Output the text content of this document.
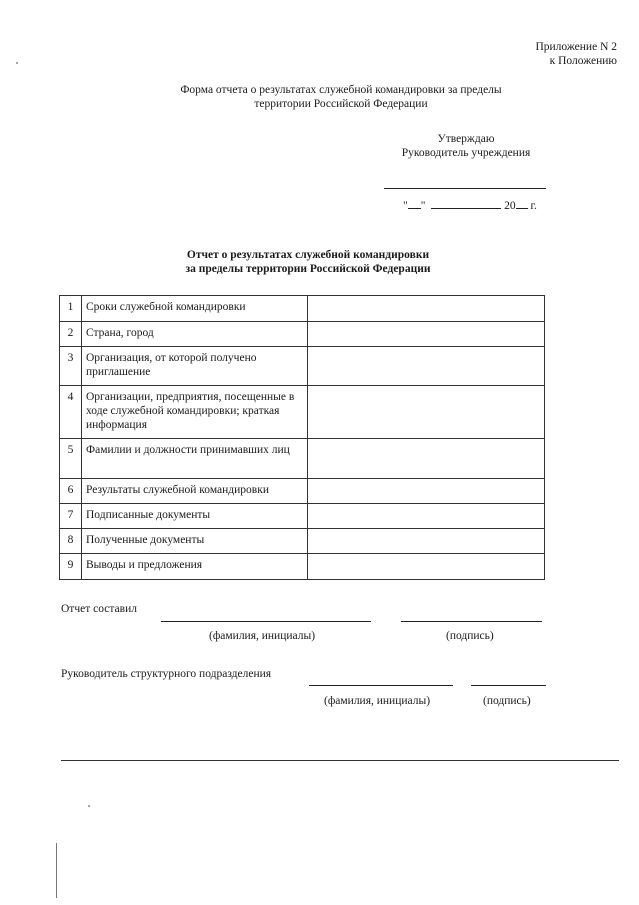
Приложение N 2
к Положению
Форма отчета о результатах служебной командировки за пределы
территории Российской Федерации
Утверждаю
Руководитель учреждения
" "	20 г.
Отчет о результатах служебной командировки
за пределы территории Российской Федерации
1	Сроки служебной командировки	
2	Страна, город	
3	Организация, от которой получено приглашение	
4	Организации, предприятия, посещенные в ходе служебной командировки; краткая информация	
5	Фамилии и должности принимавших лиц	
6	Результаты служебной командировки	
7	Подписанные документы	
8	Полученные документы	
9	Выводы и предложения	
Отчет составил
(фамилия, инициалы)	(подпись)
Руководитель структурного подразделения
(фамилия, инициалы)	(подпись)
